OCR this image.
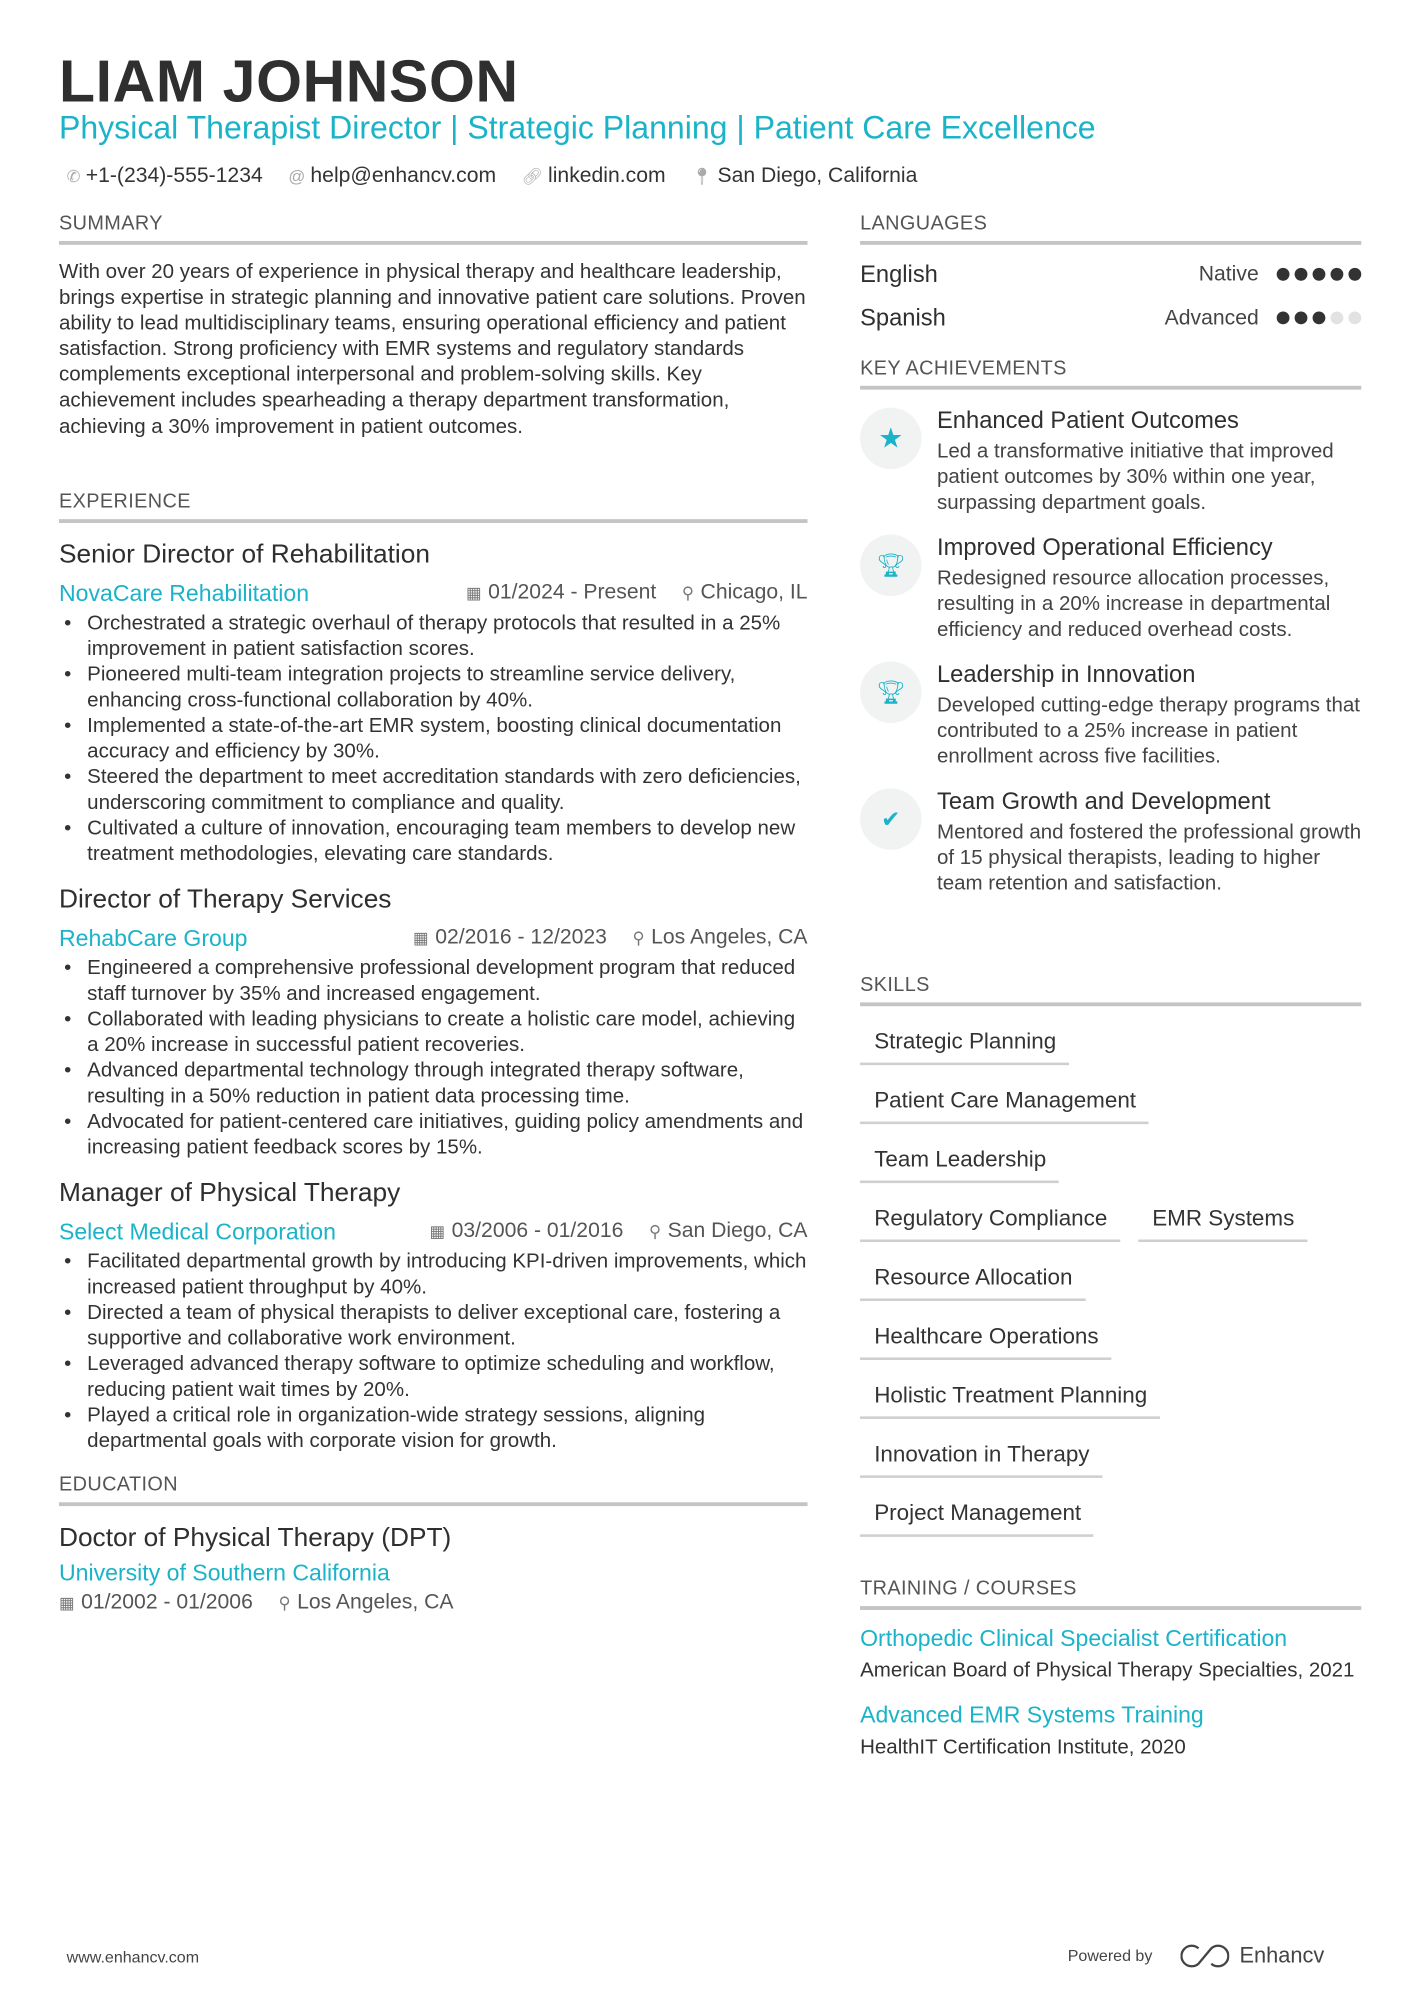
LIAM JOHNSON
Physical Therapist Director | Strategic Planning | Patient Care Excellence
✆ +1-(234)-555-1234 @ help@enhancv.com 🔗︎ linkedin.com 📍︎ San Diego, California
SUMMARY
With over 20 years of experience in physical therapy and healthcare leadership, brings expertise in strategic planning and innovative patient care solutions. Proven ability to lead multidisciplinary teams, ensuring operational efficiency and patient satisfaction. Strong proficiency with EMR systems and regulatory standards complements exceptional interpersonal and problem-solving skills. Key achievement includes spearheading a therapy department transformation, achieving a 30% improvement in patient outcomes.
EXPERIENCE
Senior Director of Rehabilitation
NovaCare Rehabilitation	▦ 01/2024 - Present ⚲ Chicago, IL
• Orchestrated a strategic overhaul of therapy protocols that resulted in a 25% improvement in patient satisfaction scores.
• Pioneered multi-team integration projects to streamline service delivery, enhancing cross-functional collaboration by 40%.
• Implemented a state-of-the-art EMR system, boosting clinical documentation accuracy and efficiency by 30%.
• Steered the department to meet accreditation standards with zero deficiencies, underscoring commitment to compliance and quality.
• Cultivated a culture of innovation, encouraging team members to develop new treatment methodologies, elevating care standards.
Director of Therapy Services
RehabCare Group	▦ 02/2016 - 12/2023 ⚲ Los Angeles, CA
• Engineered a comprehensive professional development program that reduced staff turnover by 35% and increased engagement.
• Collaborated with leading physicians to create a holistic care model, achieving a 20% increase in successful patient recoveries.
• Advanced departmental technology through integrated therapy software, resulting in a 50% reduction in patient data processing time.
• Advocated for patient-centered care initiatives, guiding policy amendments and increasing patient feedback scores by 15%.
Manager of Physical Therapy
Select Medical Corporation	▦ 03/2006 - 01/2016 ⚲ San Diego, CA
• Facilitated departmental growth by introducing KPI-driven improvements, which increased patient throughput by 40%.
• Directed a team of physical therapists to deliver exceptional care, fostering a supportive and collaborative work environment.
• Leveraged advanced therapy software to optimize scheduling and workflow, reducing patient wait times by 20%.
• Played a critical role in organization-wide strategy sessions, aligning departmental goals with corporate vision for growth.
EDUCATION
Doctor of Physical Therapy (DPT)
University of Southern California
▦ 01/2002 - 01/2006 ⚲ Los Angeles, CA
LANGUAGES
English	Native
Spanish	Advanced
KEY ACHIEVEMENTS
★
Enhanced Patient Outcomes
Led a transformative initiative that improved patient outcomes by 30% within one year, surpassing department goals.
🏆︎
Improved Operational Efficiency
Redesigned resource allocation processes, resulting in a 20% increase in departmental efficiency and reduced overhead costs.
🏆︎
Leadership in Innovation
Developed cutting-edge therapy programs that contributed to a 25% increase in patient enrollment across five facilities.
✔
Team Growth and Development
Mentored and fostered the professional growth of 15 physical therapists, leading to higher team retention and satisfaction.
SKILLS
Strategic Planning
Patient Care Management
Team Leadership
Regulatory Compliance	EMR Systems
Resource Allocation
Healthcare Operations
Holistic Treatment Planning
Innovation in Therapy
Project Management
TRAINING / COURSES
Orthopedic Clinical Specialist Certification
American Board of Physical Therapy Specialties, 2021
Advanced EMR Systems Training
HealthIT Certification Institute, 2020
www.enhancv.com	Powered by	Enhancv
